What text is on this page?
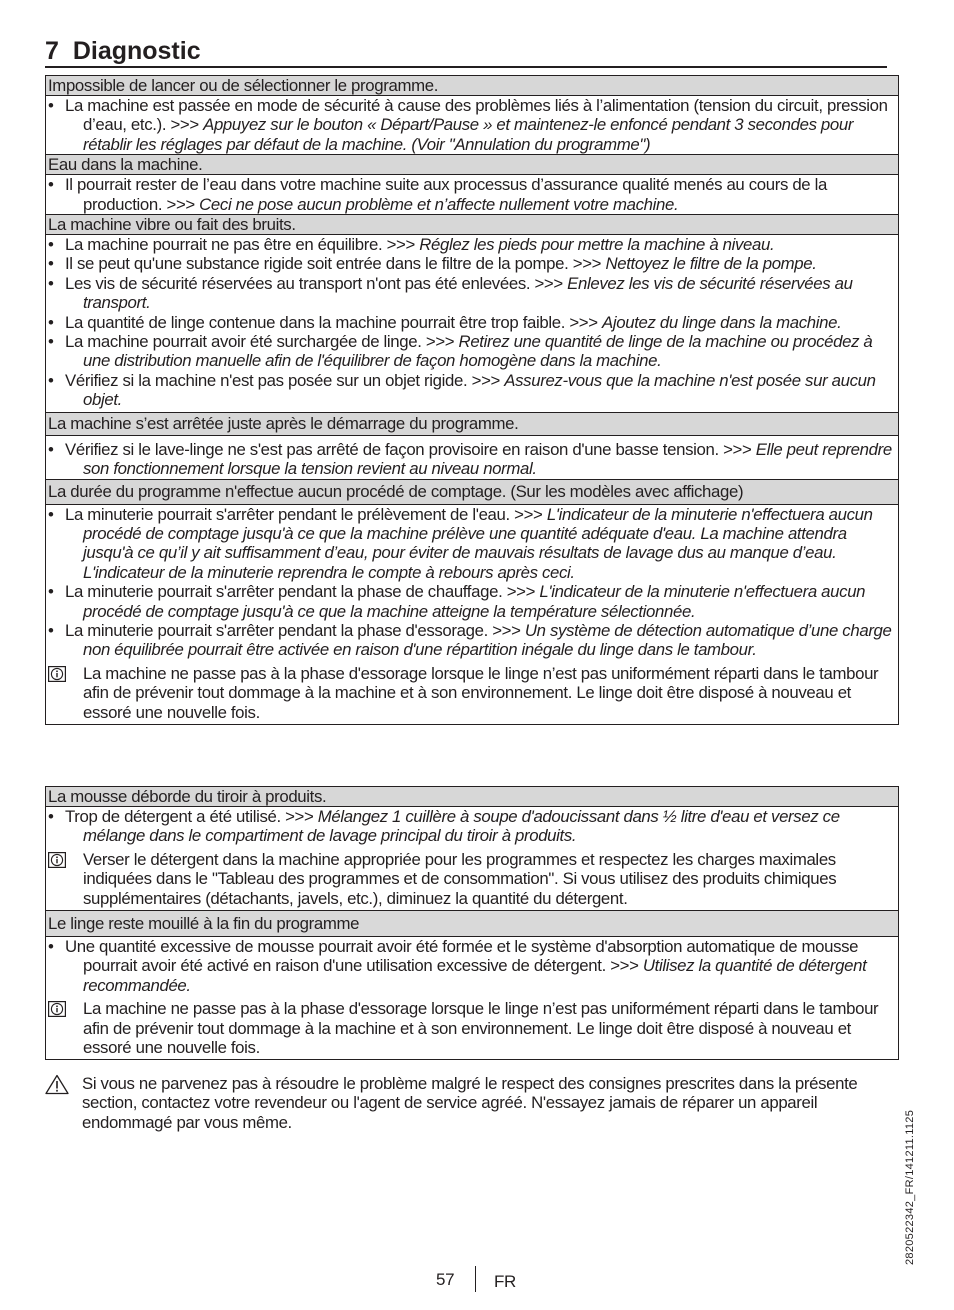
7 Diagnostic
Impossible de lancer ou de sélectionner le programme.
• La machine est passée en mode de sécurité à cause des problèmes liés à l’alimentation (tension du circuit, pression d’eau, etc.). >>> Appuyez sur le bouton « Départ/Pause » et maintenez-le enfoncé pendant 3 secondes pour rétablir les réglages par défaut de la machine. (Voir "Annulation du programme")
Eau dans la machine.
• Il pourrait rester de l’eau dans votre machine suite aux processus d’assurance qualité menés au cours de la production. >>> Ceci ne pose aucun problème et n’affecte nullement votre machine.
La machine vibre ou fait des bruits.
• La machine pourrait ne pas être en équilibre. >>> Réglez les pieds pour mettre la machine à niveau.
• Il se peut qu'une substance rigide soit entrée dans le filtre de la pompe. >>> Nettoyez le filtre de la pompe.
• Les vis de sécurité réservées au transport n'ont pas été enlevées. >>> Enlevez les vis de sécurité réservées au transport.
• La quantité de linge contenue dans la machine pourrait être trop faible. >>> Ajoutez du linge dans la machine.
• La machine pourrait avoir été surchargée de linge. >>> Retirez une quantité de linge de la machine ou procédez à une distribution manuelle afin de l'équilibrer de façon homogène dans la machine.
• Vérifiez si la machine n'est pas posée sur un objet rigide. >>> Assurez-vous que la machine n'est posée sur aucun objet.
La machine s’est arrêtée juste après le démarrage du programme.
• Vérifiez si le lave-linge ne s'est pas arrêté de façon provisoire en raison d'une basse tension. >>> Elle peut reprendre son fonctionnement lorsque la tension revient au niveau normal.
La durée du programme n'effectue aucun procédé de comptage. (Sur les modèles avec affichage)
• La minuterie pourrait s'arrêter pendant le prélèvement de l'eau. >>> L'indicateur de la minuterie n'effectuera aucun procédé de comptage jusqu'à ce que la machine prélève une quantité adéquate d'eau. La machine attendra jusqu'à ce qu’il y ait suffisamment d’eau, pour éviter de mauvais résultats de lavage dus au manque d’eau. L'indicateur de la minuterie reprendra le compte à rebours après ceci.
• La minuterie pourrait s'arrêter pendant la phase de chauffage. >>> L'indicateur de la minuterie n'effectuera aucun procédé de comptage jusqu'à ce que la machine atteigne la température sélectionnée.
• La minuterie pourrait s'arrêter pendant la phase d'essorage. >>> Un système de détection automatique d’une charge non équilibrée pourrait être activée en raison d'une répartition inégale du linge dans le tambour.
La machine ne passe pas à la phase d'essorage lorsque le linge n’est pas uniformément réparti dans le tambour afin de prévenir tout dommage à la machine et à son environnement. Le linge doit être disposé à nouveau et essoré une nouvelle fois.
La mousse déborde du tiroir à produits.
• Trop de détergent a été utilisé. >>> Mélangez 1 cuillère à soupe d'adoucissant dans ½ litre d'eau et versez ce mélange dans le compartiment de lavage principal du tiroir à produits.
Verser le détergent dans la machine appropriée pour les programmes et respectez les charges maximales indiquées dans le "Tableau des programmes et de consommation". Si vous utilisez des produits chimiques supplémentaires (détachants, javels, etc.), diminuez la quantité du détergent.
Le linge reste mouillé à la fin du programme
• Une quantité excessive de mousse pourrait avoir été formée et le système d'absorption automatique de mousse pourrait avoir été activé en raison d'une utilisation excessive de détergent. >>> Utilisez la quantité de détergent recommandée.
La machine ne passe pas à la phase d'essorage lorsque le linge n’est pas uniformément réparti dans le tambour afin de prévenir tout dommage à la machine et à son environnement. Le linge doit être disposé à nouveau et essoré une nouvelle fois.
Si vous ne parvenez pas à résoudre le problème malgré le respect des consignes prescrites dans la présente section, contactez votre revendeur ou l'agent de service agréé. N'essayez jamais de réparer un appareil endommagé par vous même.	2820522342_FR/141211.1125
57 FR
